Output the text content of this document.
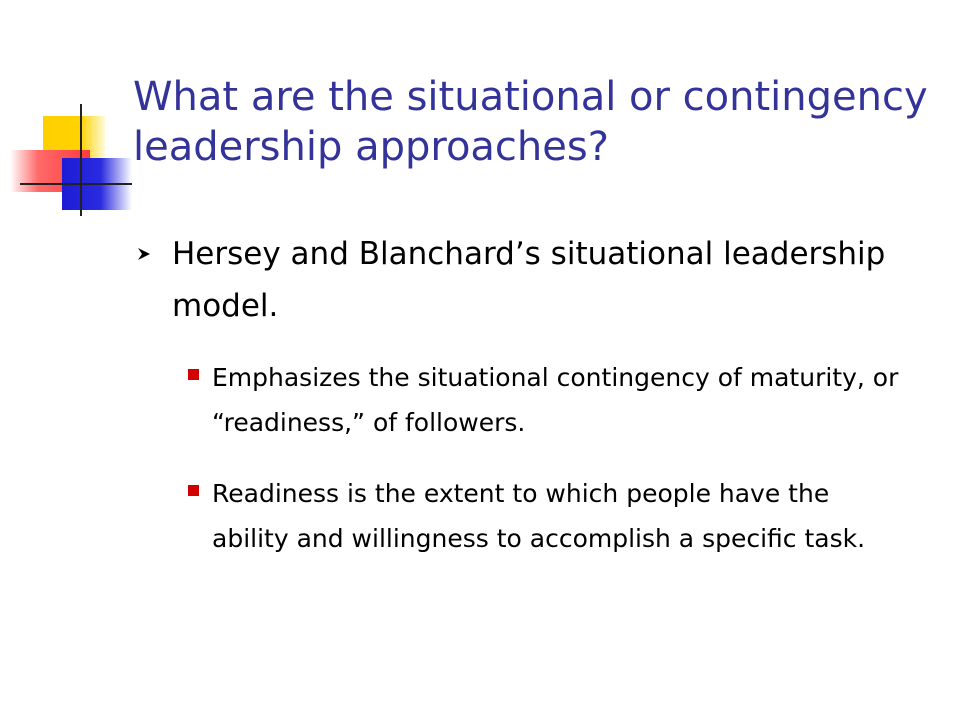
What are the situational or contingency leadership approaches?
Hersey and Blanchard’s situational leadership model.
Emphasizes the situational contingency of maturity, or “readiness,” of followers.
Readiness is the extent to which people have the ability and willingness to accomplish a specific task.
